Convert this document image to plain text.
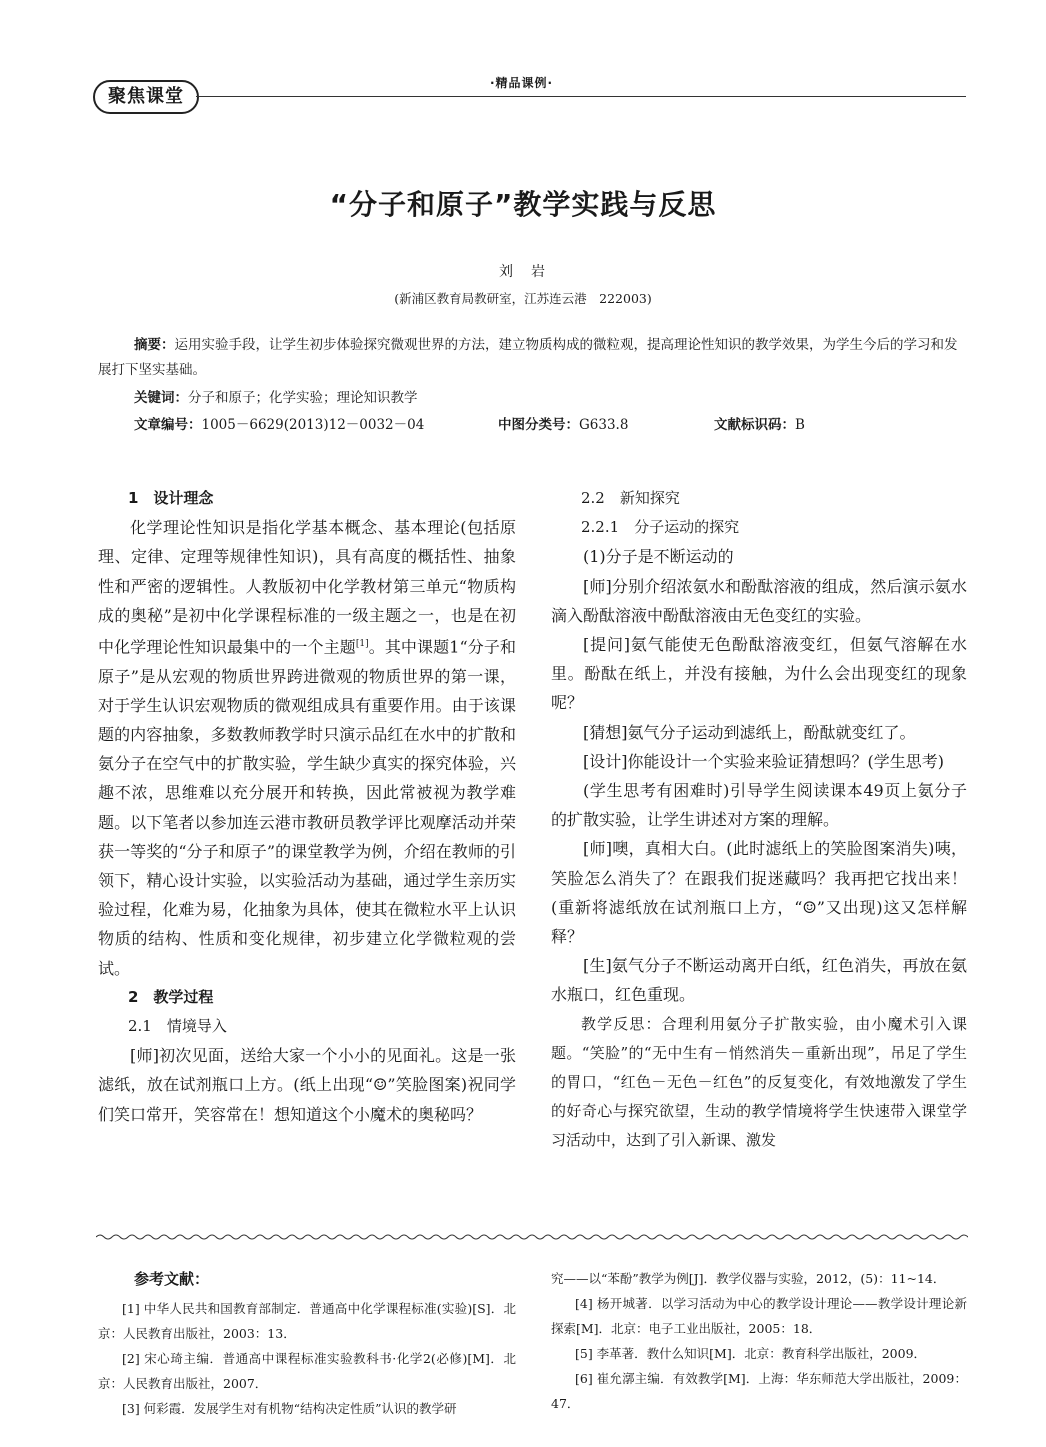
聚焦课堂
·精品课例·
“分子和原子”教学实践与反思
刘　岩
(新浦区教育局教研室，江苏连云港　222003)
摘要：运用实验手段，让学生初步体验探究微观世界的方法，建立物质构成的微粒观，提高理论性知识的教学效果，为学生今后的学习和发展打下坚实基础。
关键词：分子和原子；化学实验；理论知识教学
文章编号：1005－6629(2013)12－0032－04	中图分类号：G633.8	文献标识码：B
1　设计理念

化学理论性知识是指化学基本概念、基本理论(包括原理、定律、定理等规律性知识)，具有高度的概括性、抽象性和严密的逻辑性。人教版初中化学教材第三单元“物质构成的奥秘”是初中化学课程标准的一级主题之一，也是在初中化学理论性知识最集中的一个主题[1]。其中课题1“分子和原子”是从宏观的物质世界跨进微观的物质世界的第一课，对于学生认识宏观物质的微观组成具有重要作用。由于该课题的内容抽象，多数教师教学时只演示品红在水中的扩散和氨分子在空气中的扩散实验，学生缺少真实的探究体验，兴趣不浓，思维难以充分展开和转换，因此常被视为教学难题。以下笔者以参加连云港市教研员教学评比观摩活动并荣获一等奖的“分子和原子”的课堂教学为例，介绍在教师的引领下，精心设计实验，以实验活动为基础，通过学生亲历实验过程，化难为易，化抽象为具体，使其在微粒水平上认识物质的结构、性质和变化规律，初步建立化学微粒观的尝试。

2　教学过程
2.1　情境导入

[师]初次见面，送给大家一个小小的见面礼。这是一张滤纸，放在试剂瓶口上方。(纸上出现“☺”笑脸图案)祝同学们笑口常开，笑容常在！想知道这个小魔术的奥秘吗？

2.2　新知探究
2.2.1　分子运动的探究

(1)分子是不断运动的

[师]分别介绍浓氨水和酚酞溶液的组成，然后演示氨水滴入酚酞溶液中酚酞溶液由无色变红的实验。

[提问]氨气能使无色酚酞溶液变红，但氨气溶解在水里。酚酞在纸上，并没有接触，为什么会出现变红的现象呢？

[猜想]氨气分子运动到滤纸上，酚酞就变红了。

[设计]你能设计一个实验来验证猜想吗？(学生思考)

(学生思考有困难时)引导学生阅读课本49页上氨分子的扩散实验，让学生讲述对方案的理解。

[师]噢，真相大白。(此时滤纸上的笑脸图案消失)咦，笑脸怎么消失了？在跟我们捉迷藏吗？我再把它找出来！(重新将滤纸放在试剂瓶口上方，“☺”又出现)这又怎样解释？

[生]氨气分子不断运动离开白纸，红色消失，再放在氨水瓶口，红色重现。

教学反思：合理利用氨分子扩散实验，由小魔术引入课题。“笑脸”的“无中生有－悄然消失－重新出现”，吊足了学生的胃口，“红色－无色－红色”的反复变化，有效地激发了学生的好奇心与探究欲望，生动的教学情境将学生快速带入课堂学习活动中，达到了引入新课、激发

参考文献：

[1] 中华人民共和国教育部制定．普通高中化学课程标准(实验)[S]．北京：人民教育出版社，2003：13．

[2] 宋心琦主编．普通高中课程标准实验教科书·化学2(必修)[M]．北京：人民教育出版社，2007．

[3] 何彩霞．发展学生对有机物“结构决定性质”认识的教学研

究——以“苯酚”教学为例[J]．教学仪器与实验，2012，(5)：11~14．

[4] 杨开城著．以学习活动为中心的教学设计理论——教学设计理论新探索[M]．北京：电子工业出版社，2005：18．

[5] 李革著．教什么知识[M]．北京：教育科学出版社，2009．

[6] 崔允漷主编．有效教学[M]．上海：华东师范大学出版社，2009：47．
